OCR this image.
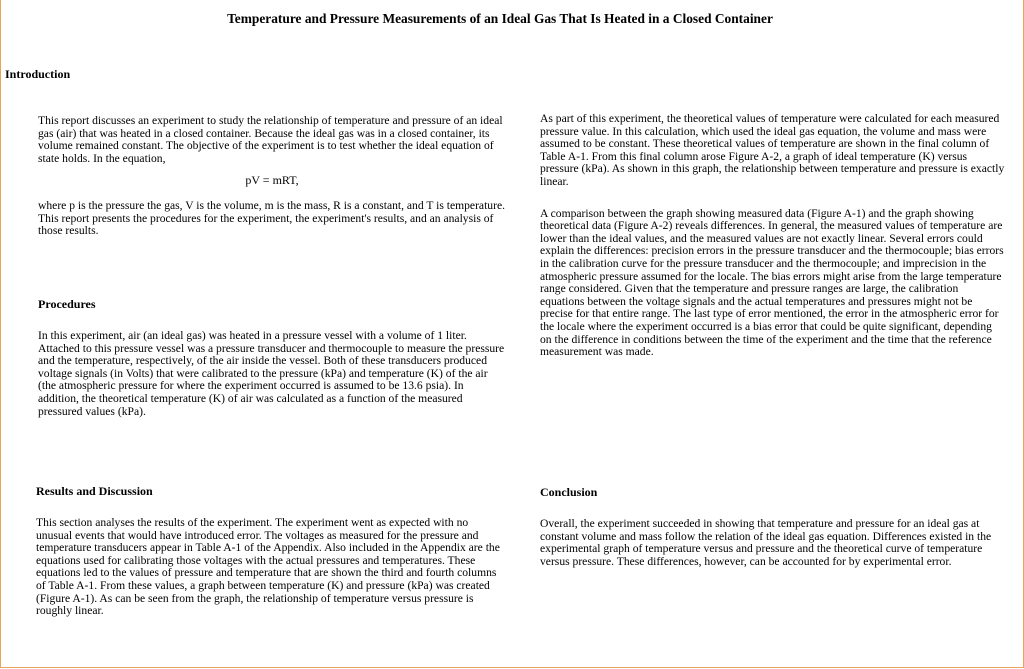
Temperature and Pressure Measurements of an Ideal Gas That Is Heated in a Closed Container
Introduction

This report discusses an experiment to study the relationship of temperature and pressure of an ideal gas (air) that was heated in a closed container. Because the ideal gas was in a closed container, its volume remained constant. The objective of the experiment is to test whether the ideal equation of state holds. In the equation,

pV = mRT,

where p is the pressure the gas, V is the volume, m is the mass, R is a constant, and T is temperature. This report presents the procedures for the experiment, the experiment's results, and an analysis of those results.

Procedures

In this experiment, air (an ideal gas) was heated in a pressure vessel with a volume of 1 liter. Attached to this pressure vessel was a pressure transducer and thermocouple to measure the pressure and the temperature, respectively, of the air inside the vessel. Both of these transducers produced voltage signals (in Volts) that were calibrated to the pressure (kPa) and temperature (K) of the air (the atmospheric pressure for where the experiment occurred is assumed to be 13.6 psia). In addition, the theoretical temperature (K) of air was calculated as a function of the measured pressured values (kPa).

Results and Discussion

This section analyses the results of the experiment. The experiment went as expected with no unusual events that would have introduced error. The voltages as measured for the pressure and temperature transducers appear in Table A-1 of the Appendix. Also included in the Appendix are the equations used for calibrating those voltages with the actual pressures and temperatures. These equations led to the values of pressure and temperature that are shown the third and fourth columns of Table A-1. From these values, a graph between temperature (K) and pressure (kPa) was created (Figure A-1). As can be seen from the graph, the relationship of temperature versus pressure is roughly linear.

As part of this experiment, the theoretical values of temperature were calculated for each measured pressure value. In this calculation, which used the ideal gas equation, the volume and mass were assumed to be constant. These theoretical values of temperature are shown in the final column of Table A-1. From this final column arose Figure A-2, a graph of ideal temperature (K) versus pressure (kPa). As shown in this graph, the relationship between temperature and pressure is exactly linear.

A comparison between the graph showing measured data (Figure A-1) and the graph showing theoretical data (Figure A-2) reveals differences. In general, the measured values of temperature are lower than the ideal values, and the measured values are not exactly linear. Several errors could explain the differences: precision errors in the pressure transducer and the thermocouple; bias errors in the calibration curve for the pressure transducer and the thermocouple; and imprecision in the atmospheric pressure assumed for the locale. The bias errors might arise from the large temperature range considered. Given that the temperature and pressure ranges are large, the calibration equations between the voltage signals and the actual temperatures and pressures might not be precise for that entire range. The last type of error mentioned, the error in the atmospheric error for the locale where the experiment occurred is a bias error that could be quite significant, depending on the difference in conditions between the time of the experiment and the time that the reference measurement was made.

Conclusion

Overall, the experiment succeeded in showing that temperature and pressure for an ideal gas at constant volume and mass follow the relation of the ideal gas equation. Differences existed in the experimental graph of temperature versus and pressure and the theoretical curve of temperature versus pressure. These differences, however, can be accounted for by experimental error.
